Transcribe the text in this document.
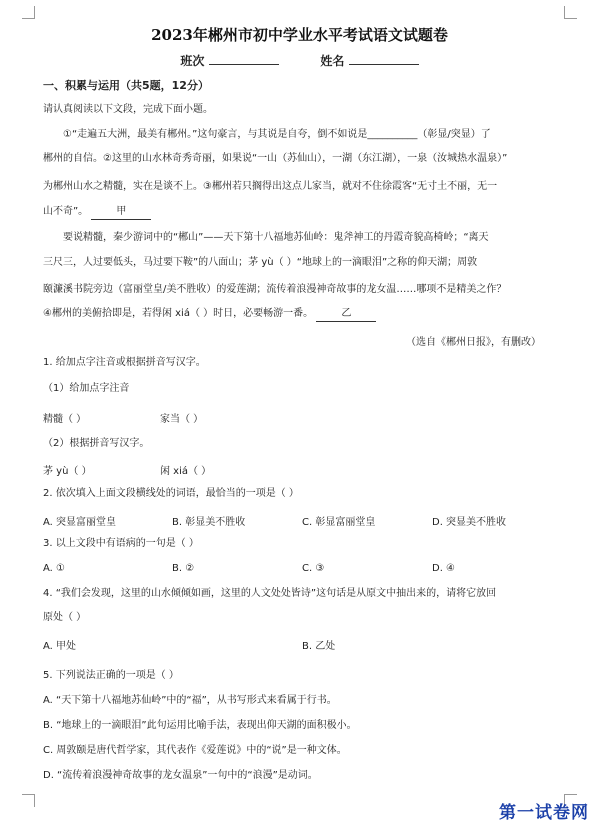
2023年郴州市初中学业水平考试语文试题卷
班次	姓名
一、积累与运用（共5题，12分）
请认真阅读以下文段，完成下面小题。
①“走遍五大洲，最美有郴州。”这句豪言，与其说是自夸，倒不如说是__________（彰显/突显）了
郴州的自信。②这里的山水林奇秀奇丽，如果说“一山（苏仙山），一湖（东江湖），一泉（汝城热水温泉）”
为郴州山水之精髓，实在是谈不上。③郴州若只搁得出这点儿家当，就对不住徐霞客“无寸土不丽，无一
山不奇”。	甲
要说精髓，秦少游词中的“郴山”——天下第十八福地苏仙岭：鬼斧神工的丹霞奇貌高椅岭；“离天
三尺三，人过要低头，马过要下鞍”的八面山；茅 yù（ ）“地球上的一滴眼泪”之称的仰天湖；周敦
颐濂溪书院旁边（富丽堂皇/美不胜收）的爱莲湖；流传着浪漫神奇故事的龙女温……哪项不是精美之作？
④郴州的美俯拾即是，若得闲 xiá（ ）时日，必要畅游一番。	乙
（选自《郴州日报》，有删改）
1. 给加点字注音或根据拼音写汉字。
（1）给加点字注音
精髓（ ）	家当（ ）
（2）根据拼音写汉字。
茅 yù（ ）	闲 xiá（ ）
2. 依次填入上面文段横线处的词语，最恰当的一项是（ ）
A. 突显富丽堂皇	B. 彰显美不胜收	C. 彰显富丽堂皇	D. 突显美不胜收
3. 以上文段中有语病的一句是（ ）
A. ①	B. ②	C. ③	D. ④
4. “我们会发现，这里的山水倾倾如画，这里的人文处处皆诗”这句话是从原文中抽出来的，请将它放回
原处（ ）
A. 甲处	B. 乙处
5. 下列说法正确的一项是（ ）
A. “天下第十八福地苏仙岭”中的“福”，从书写形式来看属于行书。
B. “地球上的一滴眼泪”此句运用比喻手法，表现出仰天湖的面积极小。
C. 周敦颐是唐代哲学家，其代表作《爱莲说》中的“说”是一种文体。
D. “流传着浪漫神奇故事的龙女温泉”一句中的“浪漫”是动词。
第一试卷网
